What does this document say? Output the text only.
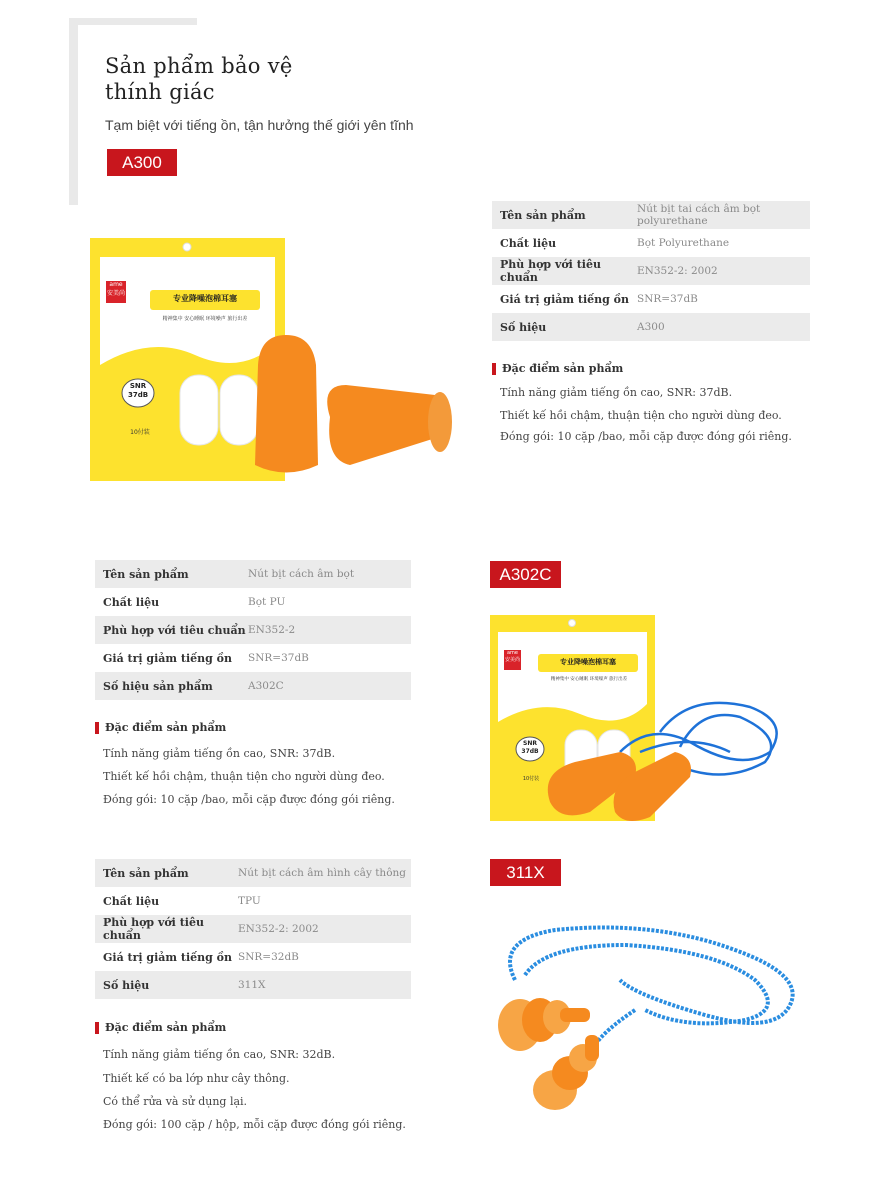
Sản phẩm bảo vệ
thính giác
Tạm biệt với tiếng ồn, tận hưởng thế giới yên tĩnh
A300
ame
安美尚
专业降噪泡棉耳塞
精神集中 安心睡眠 环境噪声 旅行出差
SNR
37dB
10付装
Tên sản phẩm	Nút bịt tai cách âm bọt polyurethane
Chất liệu	Bọt Polyurethane
Phù hợp với tiêu chuẩn	EN352-2: 2002
Giá trị giảm tiếng ồn SNR=37dB
Số hiệu	A300
Đặc điểm sản phẩm
Tính năng giảm tiếng ồn cao, SNR: 37dB.
Thiết kế hồi chậm, thuận tiện cho người dùng đeo.
Đóng gói: 10 cặp /bao, mỗi cặp được đóng gói riêng.
Tên sản phẩm	Nút bịt cách âm bọt
Chất liệu	Bọt PU
Phù hợp với tiêu chuẩn EN352-2
Giá trị giảm tiếng ồn	SNR=37dB
Số hiệu sản phẩm	A302C
Đặc điểm sản phẩm
Tính năng giảm tiếng ồn cao, SNR: 37dB.
Thiết kế hồi chậm, thuận tiện cho người dùng đeo.
Đóng gói: 10 cặp /bao, mỗi cặp được đóng gói riêng.
A302C
ame
安美尚	专业降噪泡棉耳塞
精神集中 安心睡眠 环境噪声 旅行出差
SNR
37dB
10付装
Tên sản phẩm	Nút bịt cách âm hình cây thông
Chất liệu	TPU
Phù hợp với tiêu chuẩn	EN352-2: 2002
Giá trị giảm tiếng ồn SNR=32dB
Số hiệu	311X
Đặc điểm sản phẩm
Tính năng giảm tiếng ồn cao, SNR: 32dB.
Thiết kế có ba lớp như cây thông.
Có thể rửa và sử dụng lại.
Đóng gói: 100 cặp / hộp, mỗi cặp được đóng gói riêng.
311X
